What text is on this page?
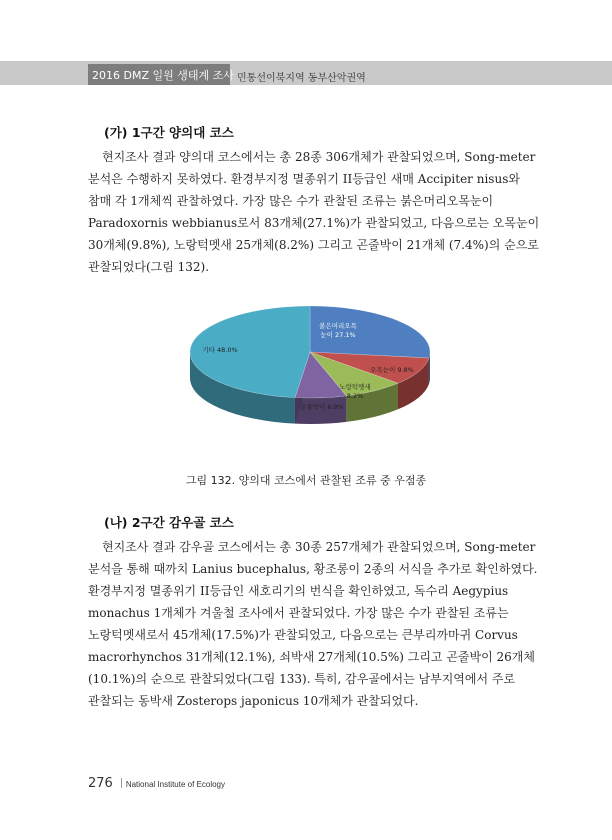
2016 DMZ 일원 생태계 조사 민통선이북지역 동부산악권역
(가) 1구간 양의대 코스
현지조사 결과 양의대 코스에서는 총 28종 306개체가 관찰되었으며, Song-meter
분석은 수행하지 못하였다. 환경부지정 멸종위기 II등급인 새매 Accipiter nisus와
참매 각 1개체씩 관찰하였다. 가장 많은 수가 관찰된 조류는 붉은머리오목눈이
Paradoxornis webbianus로서 83개체(27.1%)가 관찰되었고, 다음으로는 오목눈이
30개체(9.8%), 노랑턱멧새 25개체(8.2%) 그리고 곤줄박이 21개체 (7.4%)의 순으로
관찰되었다(그림 132).
붉은머리오목 눈이 27.1%
오목눈이 9.8%
노랑턱멧새 8.2%
곤줄박이 6.9%
기타 48.0%
그림 132. 양의대 코스에서 관찰된 조류 중 우점종
(나) 2구간 감우골 코스
현지조사 결과 감우골 코스에서는 총 30종 257개체가 관찰되었으며, Song-meter
분석을 통해 때까치 Lanius bucephalus, 황조롱이 2종의 서식을 추가로 확인하였다.
환경부지정 멸종위기 II등급인 새호리기의 번식을 확인하였고, 독수리 Aegypius
monachus 1개체가 겨울철 조사에서 관찰되었다. 가장 많은 수가 관찰된 조류는
노랑턱멧새로서 45개체(17.5%)가 관찰되었고, 다음으로는 큰부리까마귀 Corvus
macrorhynchos 31개체(12.1%), 쇠박새 27개체(10.5%) 그리고 곤줄박이 26개체
(10.1%)의 순으로 관찰되었다(그림 133). 특히, 감우골에서는 남부지역에서 주로
관찰되는 동박새 Zosterops japonicus 10개체가 관찰되었다.
276 National Institute of Ecology
